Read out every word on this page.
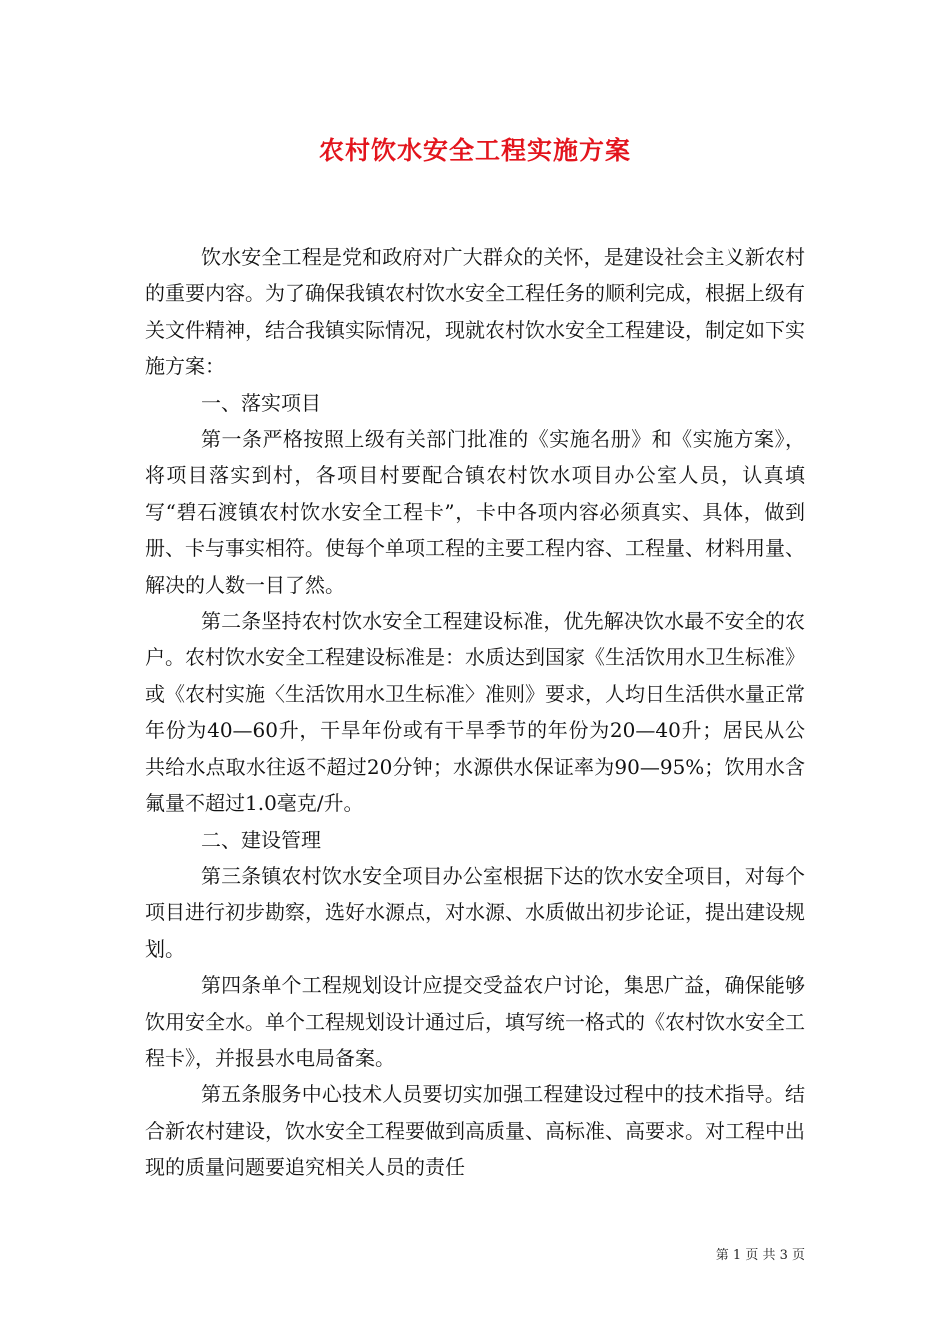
农村饮水安全工程实施方案

饮水安全工程是党和政府对广大群众的关怀，是建设社会主义新农村的重要内容。为了确保我镇农村饮水安全工程任务的顺利完成，根据上级有关文件精神，结合我镇实际情况，现就农村饮水安全工程建设，制定如下实施方案：

一、落实项目

第一条严格按照上级有关部门批准的《实施名册》和《实施方案》，将项目落实到村，各项目村要配合镇农村饮水项目办公室人员，认真填写“碧石渡镇农村饮水安全工程卡”，卡中各项内容必须真实、具体，做到册、卡与事实相符。使每个单项工程的主要工程内容、工程量、材料用量、解决的人数一目了然。

第二条坚持农村饮水安全工程建设标准，优先解决饮水最不安全的农户。农村饮水安全工程建设标准是：水质达到国家《生活饮用水卫生标准》或《农村实施〈生活饮用水卫生标准〉准则》要求，人均日生活供水量正常年份为40—60升，干旱年份或有干旱季节的年份为20—40升；居民从公共给水点取水往返不超过20分钟；水源供水保证率为90—95%；饮用水含氟量不超过1.0毫克/升。

二、建设管理

第三条镇农村饮水安全项目办公室根据下达的饮水安全项目，对每个项目进行初步勘察，选好水源点，对水源、水质做出初步论证，提出建设规划。

第四条单个工程规划设计应提交受益农户讨论，集思广益，确保能够饮用安全水。单个工程规划设计通过后，填写统一格式的《农村饮水安全工程卡》，并报县水电局备案。

第五条服务中心技术人员要切实加强工程建设过程中的技术指导。结合新农村建设，饮水安全工程要做到高质量、高标准、高要求。对工程中出现的质量问题要追究相关人员的责任

第 1 页 共 3 页
